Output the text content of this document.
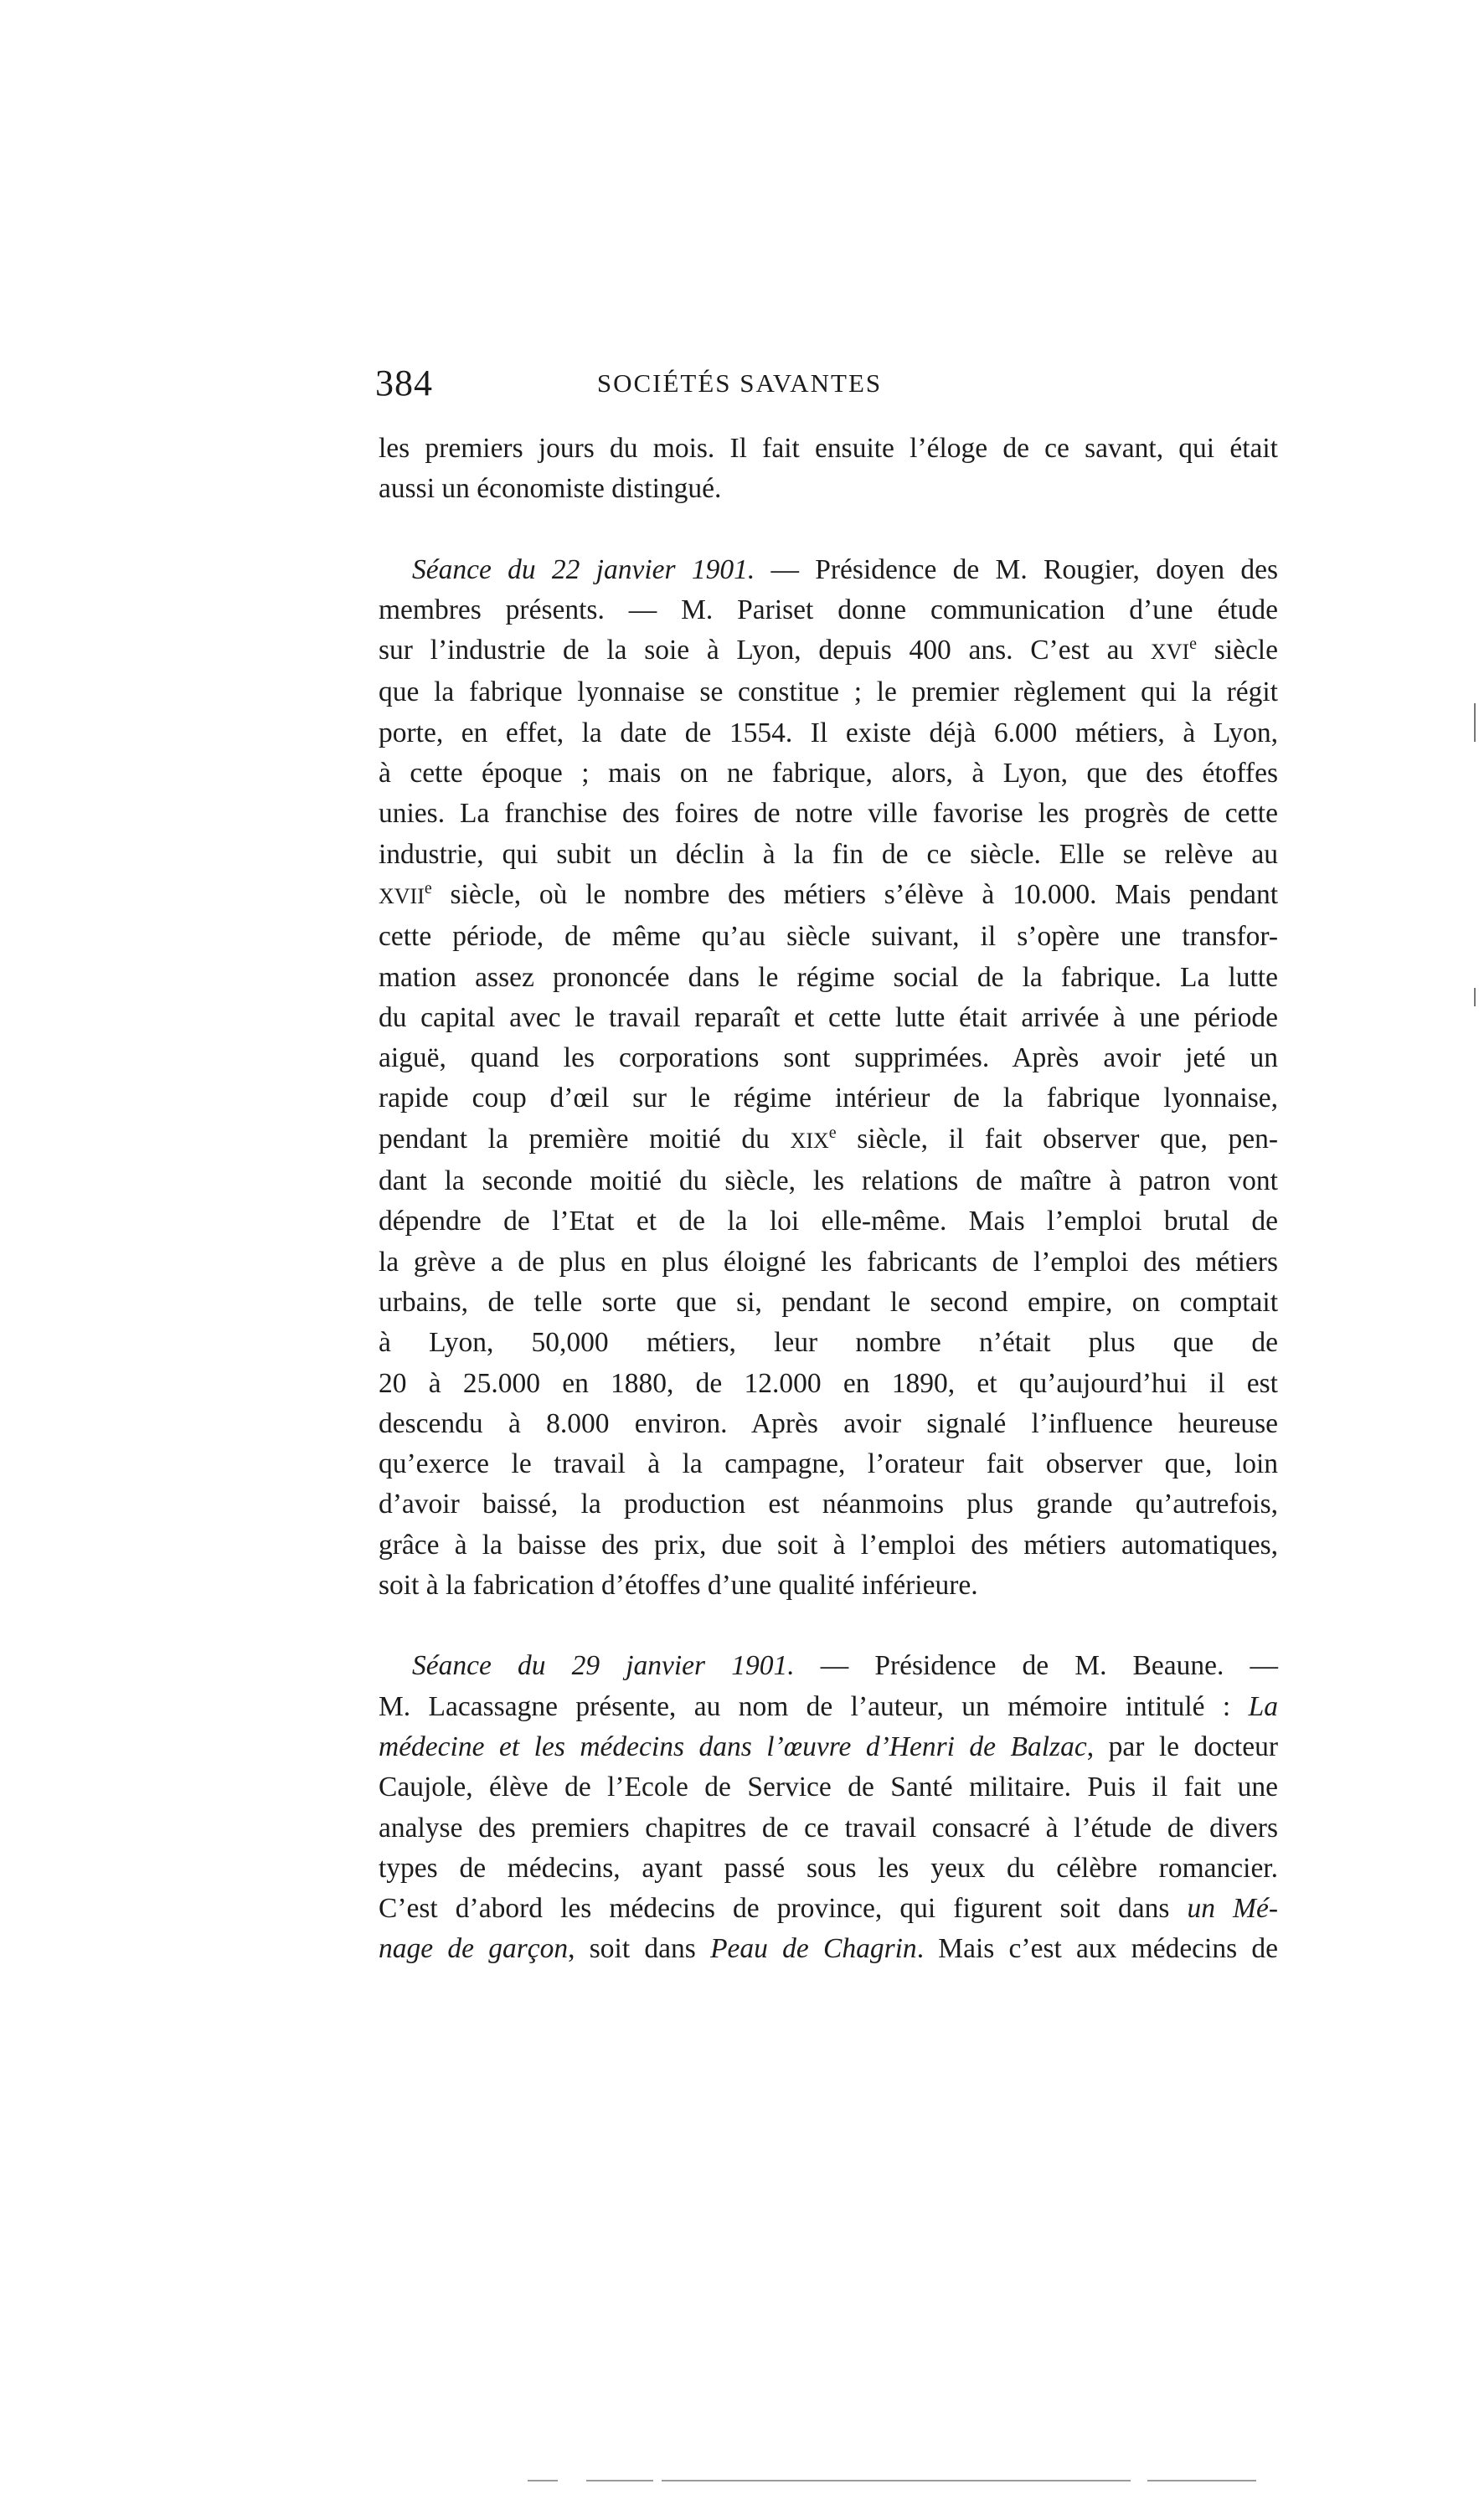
384	SOCIÉTÉS SAVANTES

les premiers jours du mois. Il fait ensuite l’éloge de ce savant, qui était
aussi un économiste distingué.

Séance du 22 janvier 1901. — Présidence de M. Rougier, doyen des
membres présents. — M. Pariset donne communication d’une étude
sur l’industrie de la soie à Lyon, depuis 400 ans. C’est au XVIe siècle
que la fabrique lyonnaise se constitue ; le premier règlement qui la régit
porte, en effet, la date de 1554. Il existe déjà 6.000 métiers, à Lyon,
à cette époque ; mais on ne fabrique, alors, à Lyon, que des étoffes
unies. La franchise des foires de notre ville favorise les progrès de cette
industrie, qui subit un déclin à la fin de ce siècle. Elle se relève au
XVIIe siècle, où le nombre des métiers s’élève à 10.000. Mais pendant
cette période, de même qu’au siècle suivant, il s’opère une transfor-
mation assez prononcée dans le régime social de la fabrique. La lutte
du capital avec le travail reparaît et cette lutte était arrivée à une période
aiguë, quand les corporations sont supprimées. Après avoir jeté un
rapide coup d’œil sur le régime intérieur de la fabrique lyonnaise,
pendant la première moitié du XIXe siècle, il fait observer que, pen-
dant la seconde moitié du siècle, les relations de maître à patron vont
dépendre de l’Etat et de la loi elle-même. Mais l’emploi brutal de
la grève a de plus en plus éloigné les fabricants de l’emploi des métiers
urbains, de telle sorte que si, pendant le second empire, on comptait
à Lyon, 50,000 métiers, leur nombre n’était plus que de
20 à 25.000 en 1880, de 12.000 en 1890, et qu’aujourd’hui il est
descendu à 8.000 environ. Après avoir signalé l’influence heureuse
qu’exerce le travail à la campagne, l’orateur fait observer que, loin
d’avoir baissé, la production est néanmoins plus grande qu’autrefois,
grâce à la baisse des prix, due soit à l’emploi des métiers automatiques,
soit à la fabrication d’étoffes d’une qualité inférieure.

Séance du 29 janvier 1901. — Présidence de M. Beaune. —
M. Lacassagne présente, au nom de l’auteur, un mémoire intitulé : La
médecine et les médecins dans l’œuvre d’Henri de Balzac, par le docteur
Caujole, élève de l’Ecole de Service de Santé militaire. Puis il fait une
analyse des premiers chapitres de ce travail consacré à l’étude de divers
types de médecins, ayant passé sous les yeux du célèbre romancier.
C’est d’abord les médecins de province, qui figurent soit dans un Mé-
nage de garçon, soit dans Peau de Chagrin. Mais c’est aux médecins de
